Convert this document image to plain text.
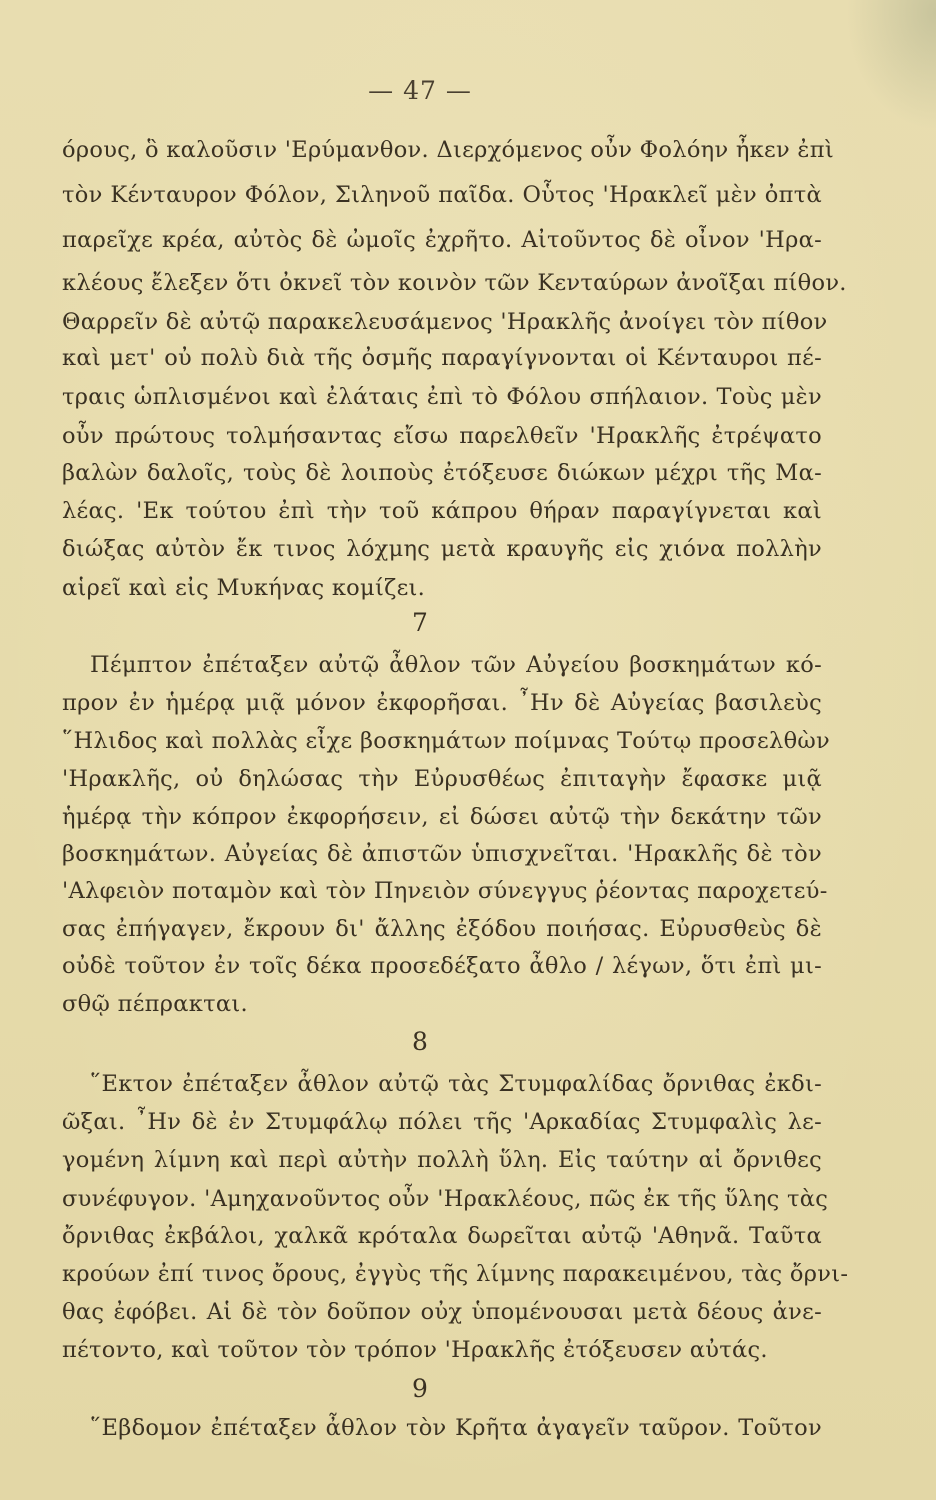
— 47 —
όρους, ὃ καλοῦσιν 'Ερύμανθον. Διερχόμενος οὖν Φολόην ἦκεν ἐπὶ
τὸν Κένταυρον Φόλον, Σιληνοῦ παῖδα. Οὗτος 'Ηρακλεῖ μὲν ὀπτὰ
παρεῖχε κρέα, αὐτὸς δὲ ὠμοῖς ἐχρῆτο. Αἰτοῦντος δὲ οἶνον 'Ηρα-
κλέους ἔλεξεν ὅτι ὀκνεῖ τὸν κοινὸν τῶν Κενταύρων ἀνοῖξαι πίθον.
Θαρρεῖν δὲ αὐτῷ παρακελευσάμενος 'Ηρακλῆς ἀνοίγει τὸν πίθον
καὶ μετ' οὐ πολὺ διὰ τῆς ὀσμῆς παραγίγνονται οἱ Κένταυροι πέ-
τραις ὡπλισμένοι καὶ ἐλάταις ἐπὶ τὸ Φόλου σπήλαιον. Τοὺς μὲν
οὖν πρώτους τολμήσαντας εἴσω παρελθεῖν 'Ηρακλῆς ἐτρέψατο
βαλὼν δαλοῖς, τοὺς δὲ λοιποὺς ἐτόξευσε διώκων μέχρι τῆς Μα-
λέας. 'Εκ τούτου ἐπὶ τὴν τοῦ κάπρου θήραν παραγίγνεται καὶ
διώξας αὐτὸν ἔκ τινος λόχμης μετὰ κραυγῆς εἰς χιόνα πολλὴν
αἱρεῖ καὶ εἰς Μυκήνας κομίζει.
7
Πέμπτον ἐπέταξεν αὐτῷ ἆθλον τῶν Αὐγείου βοσκημάτων κό-
προν ἐν ἡμέρᾳ μιᾷ μόνον ἐκφορῆσαι. ῏Ην δὲ Αὐγείας βασιλεὺς
῞Ηλιδος καὶ πολλὰς εἶχε βοσκημάτων ποίμνας Τούτῳ προσελθὼν
'Ηρακλῆς, οὐ δηλώσας τὴν Εὐρυσθέως ἐπιταγὴν ἔφασκε μιᾷ
ἡμέρᾳ τὴν κόπρον ἐκφορήσειν, εἰ δώσει αὐτῷ τὴν δεκάτην τῶν
βοσκημάτων. Αὐγείας δὲ ἀπιστῶν ὑπισχνεῖται. 'Ηρακλῆς δὲ τὸν
'Αλφειὸν ποταμὸν καὶ τὸν Πηνειὸν σύνεγγυς ῥέοντας παροχετεύ-
σας ἐπήγαγεν, ἔκρουν δι' ἄλλης ἐξόδου ποιήσας. Εὐρυσθεὺς δὲ
οὐδὲ τοῦτον ἐν τοῖς δέκα προσεδέξατο ἆθλο / λέγων, ὅτι ἐπὶ μι-
σθῷ πέπρακται.
8
῞Εκτον ἐπέταξεν ἆθλον αὐτῷ τὰς Στυμφαλίδας ὄρνιθας ἐκδι-
ῶξαι. ῏Ην δὲ ἐν Στυμφάλῳ πόλει τῆς 'Αρκαδίας Στυμφαλὶς λε-
γομένη λίμνη καὶ περὶ αὐτὴν πολλὴ ὕλη. Εἰς ταύτην αἱ ὄρνιθες
συνέφυγον. 'Αμηχανοῦντος οὖν 'Ηρακλέους, πῶς ἐκ τῆς ὕλης τὰς
ὄρνιθας ἐκβάλοι, χαλκᾶ κρόταλα δωρεῖται αὐτῷ 'Αθηνᾶ. Ταῦτα
κρούων ἐπί τινος ὄρους, ἐγγὺς τῆς λίμνης παρακειμένου, τὰς ὄρνι-
θας ἐφόβει. Αἱ δὲ τὸν δοῦπον οὐχ ὑπομένουσαι μετὰ δέους ἀνε-
πέτοντο, καὶ τοῦτον τὸν τρόπον 'Ηρακλῆς ἐτόξευσεν αὐτάς.
9
῞Εβδομον ἐπέταξεν ἆθλον τὸν Κρῆτα ἀγαγεῖν ταῦρον. Τοῦτον
